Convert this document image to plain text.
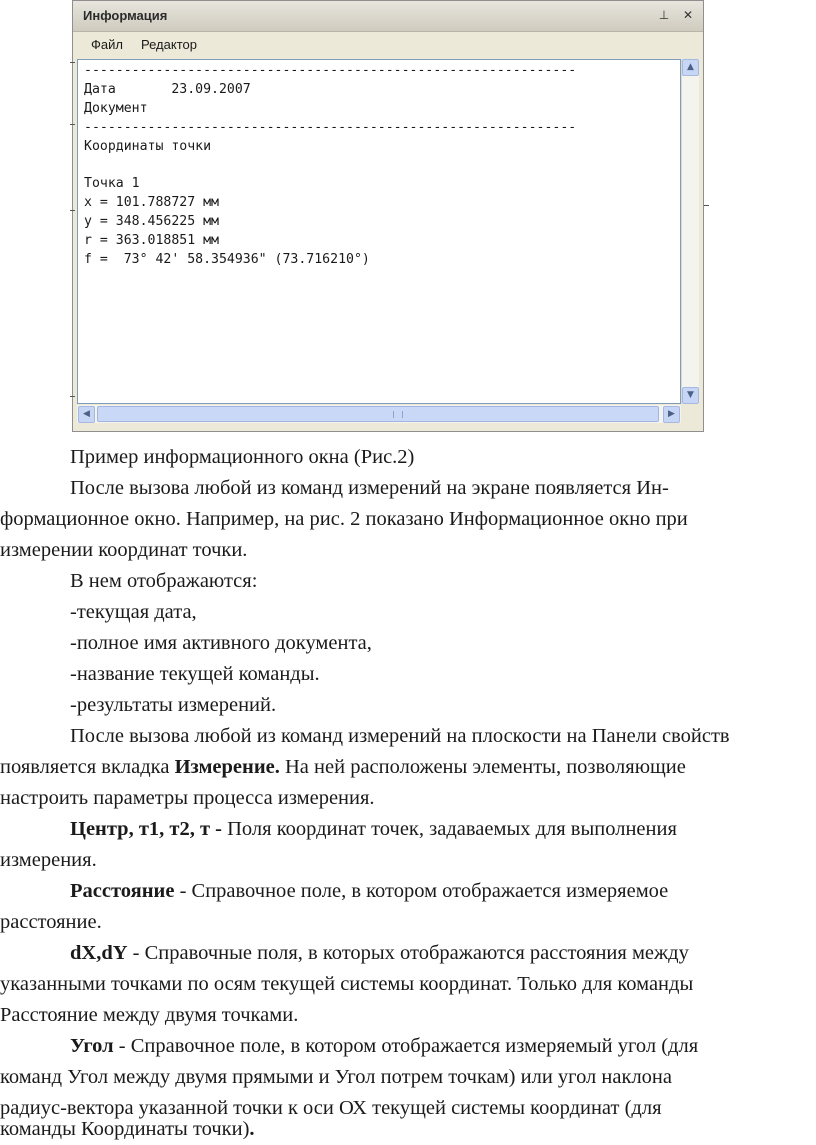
Информация	⊥ ✕
Файл Редактор
--------------------------------------------------------------
Дата       23.09.2007
Документ
--------------------------------------------------------------
Координаты точки

Точка 1
x = 101.788727 мм
y = 348.456225 мм
r = 363.018851 мм
f =  73° 42' 58.354936" (73.716210°)
▲
▼
◀	▶

Пример информационного окна (Рис.2)

После вызова любой из команд измерений на экране появляется Ин-

формационное окно. Например, на рис. 2 показано Информационное окно при

измерении координат точки.

В нем отображаются:

-текущая дата,

-полное имя активного документа,

-название текущей команды.

-результаты измерений.

После вызова любой из команд измерений на плоскости на Панели свойств

появляется вкладка Измерение. На ней расположены элементы, позволяющие

настроить параметры процесса измерения.

Центр, т1, т2, т - Поля координат точек, задаваемых для выполнения

измерения.

Расстояние - Справочное поле, в котором отображается измеряемое

расстояние.

dX,dY - Справочные поля, в которых отображаются расстояния между

указанными точками по осям текущей системы координат. Только для команды

Расстояние между двумя точками.

Угол - Справочное поле, в котором отображается измеряемый угол (для

команд Угол между двумя прямыми и Угол потрем точкам) или угол наклона

радиус-вектора указанной точки к оси ОХ текущей системы координат (для

команды Координаты точки).
